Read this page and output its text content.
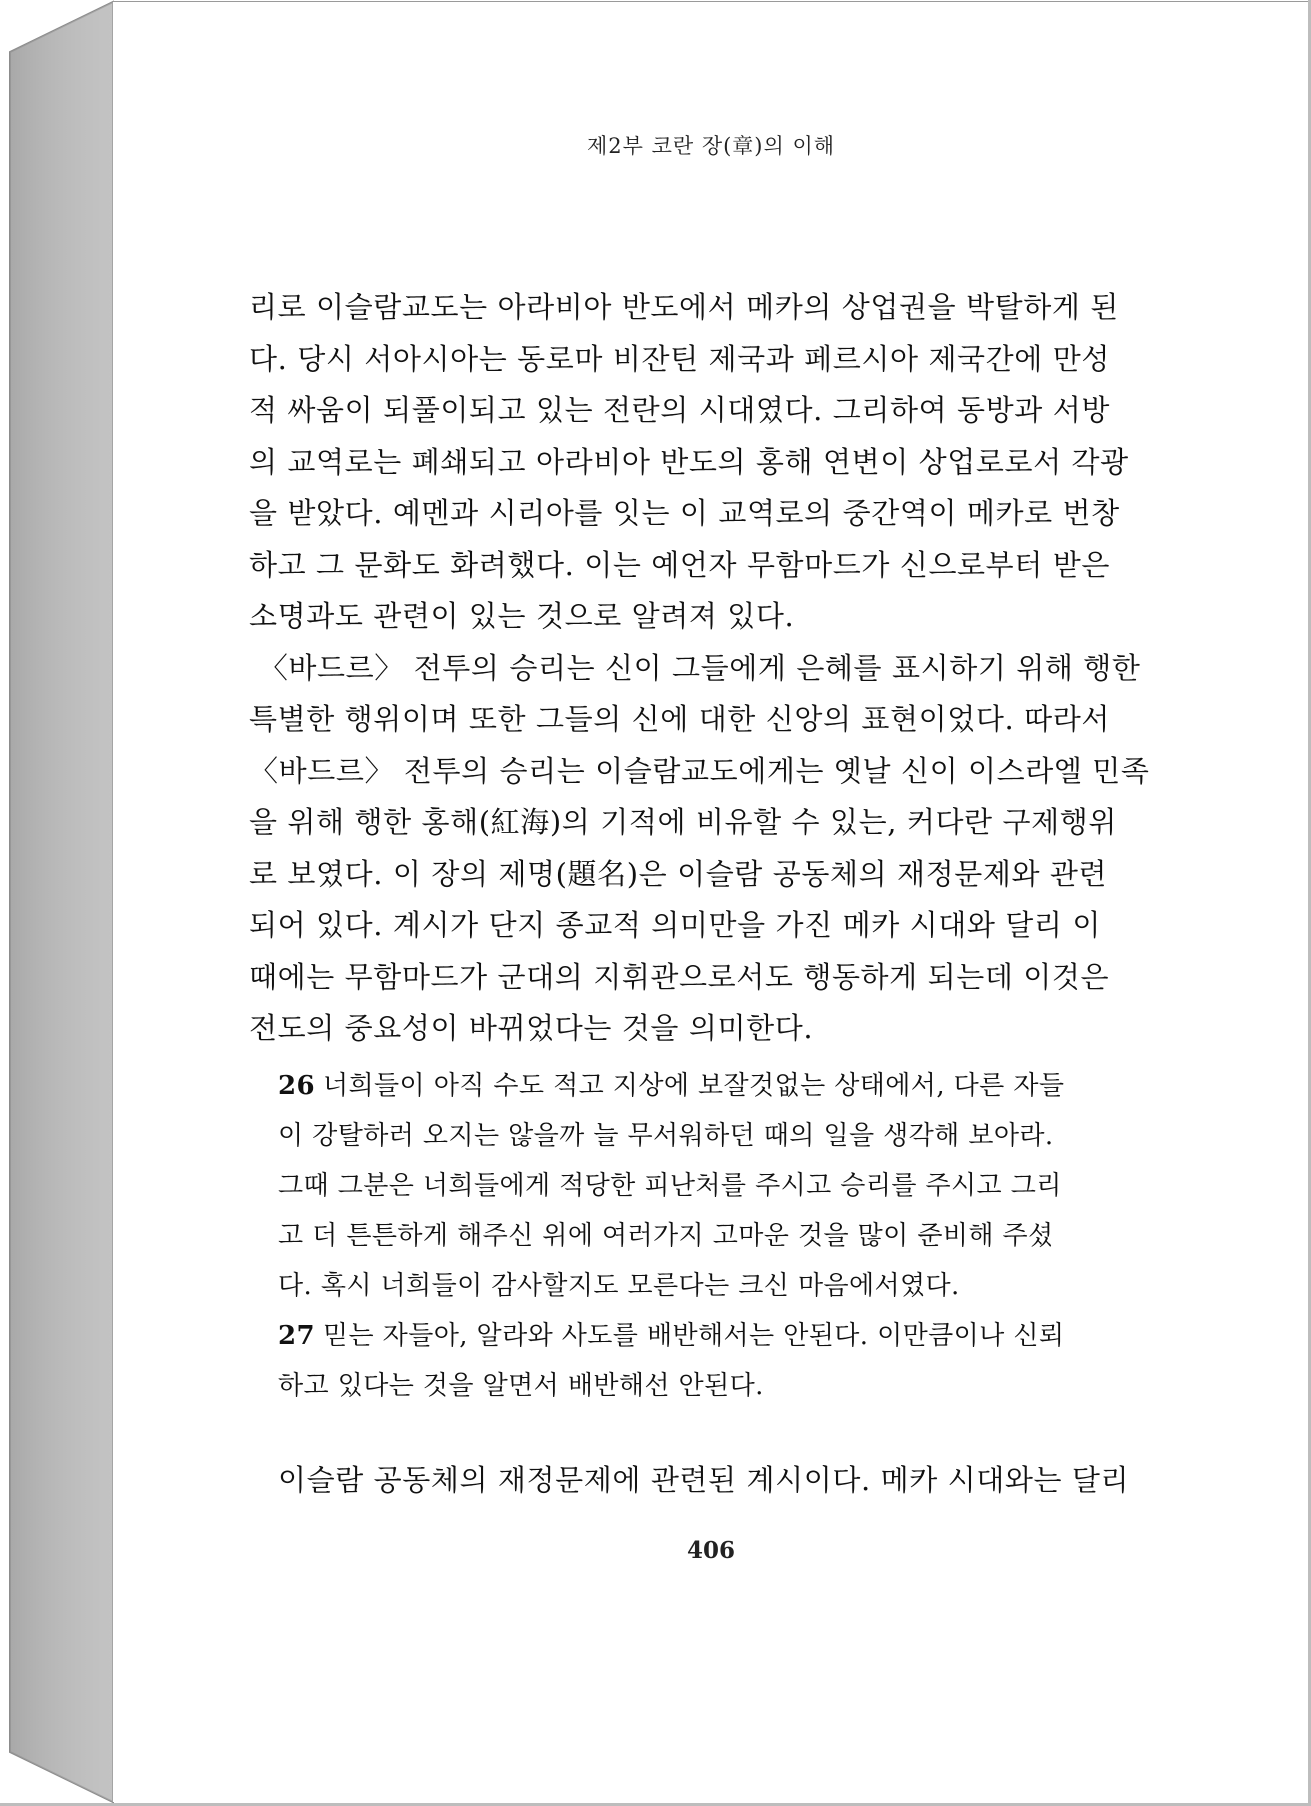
제2부 코란 장(章)의 이해
리로 이슬람교도는 아라비아 반도에서 메카의 상업권을 박탈하게 된
다. 당시 서아시아는 동로마 비잔틴 제국과 페르시아 제국간에 만성
적 싸움이 되풀이되고 있는 전란의 시대였다. 그리하여 동방과 서방
의 교역로는 폐쇄되고 아라비아 반도의 홍해 연변이 상업로로서 각광
을 받았다. 예멘과 시리아를 잇는 이 교역로의 중간역이 메카로 번창
하고 그 문화도 화려했다. 이는 예언자 무함마드가 신으로부터 받은
소명과도 관련이 있는 것으로 알려져 있다.
〈바드르〉 전투의 승리는 신이 그들에게 은혜를 표시하기 위해 행한
특별한 행위이며 또한 그들의 신에 대한 신앙의 표현이었다. 따라서
〈바드르〉 전투의 승리는 이슬람교도에게는 옛날 신이 이스라엘 민족
을 위해 행한 홍해(紅海)의 기적에 비유할 수 있는, 커다란 구제행위
로 보였다. 이 장의 제명(題名)은 이슬람 공동체의 재정문제와 관련
되어 있다. 계시가 단지 종교적 의미만을 가진 메카 시대와 달리 이
때에는 무함마드가 군대의 지휘관으로서도 행동하게 되는데 이것은
전도의 중요성이 바뀌었다는 것을 의미한다.
26 너희들이 아직 수도 적고 지상에 보잘것없는 상태에서, 다른 자들
이 강탈하러 오지는 않을까 늘 무서워하던 때의 일을 생각해 보아라.
그때 그분은 너희들에게 적당한 피난처를 주시고 승리를 주시고 그리
고 더 튼튼하게 해주신 위에 여러가지 고마운 것을 많이 준비해 주셨
다. 혹시 너희들이 감사할지도 모른다는 크신 마음에서였다.
27 믿는 자들아, 알라와 사도를 배반해서는 안된다. 이만큼이나 신뢰
하고 있다는 것을 알면서 배반해선 안된다.
이슬람 공동체의 재정문제에 관련된 계시이다. 메카 시대와는 달리
406
